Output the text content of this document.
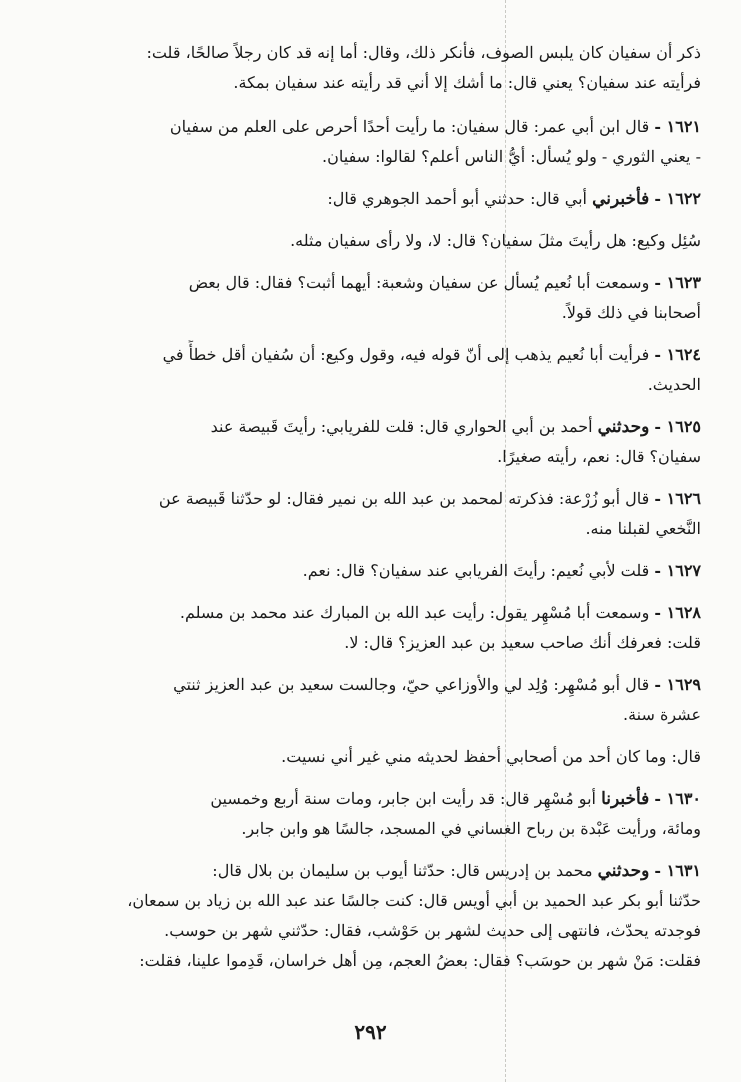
ذكر أن سفيان كان يلبس الصوف، فأنكر ذلك، وقال: أما إنه قد كان رجلاً صالحًا، قلت:
فرأيته عند سفيان؟ يعني قال: ما أشك إلا أني قد رأيته عند سفيان بمكة.
١٦٢١ - قال ابن أبي عمر: قال سفيان: ما رأيت أحدًا أحرص على العلم من سفيان
- يعني الثوري - ولو يُسأل: أيُّ الناس أعلم؟ لقالوا: سفيان.
١٦٢٢ - فأخبرني أبي قال: حدثني أبو أحمد الجوهري قال:
سُئِل وكيع: هل رأيتَ مثلَ سفيان؟ قال: لا، ولا رأى سفيان مثله.
١٦٢٣ - وسمعت أبا نُعيم يُسأل عن سفيان وشعبة: أيهما أثبت؟ فقال: قال بعض
أصحابنا في ذلك قولاً.
١٦٢٤ - فرأيت أبا نُعيم يذهب إلى أنّ قوله فيه، وقول وكيع: أن سُفيان أقل خطأً في
الحديث.
١٦٢٥ - وحدثني أحمد بن أبي الحواري قال: قلت للفريابي: رأيتَ قَبيصة عند
سفيان؟ قال: نعم، رأيته صغيرًا.
١٦٢٦ - قال أبو زُرْعة: فذكرته لمحمد بن عبد الله بن نمير فقال: لو حدّثنا قَبيصة عن
النَّخعي لقبلنا منه.
١٦٢٧ - قلت لأبي نُعيم: رأيتَ الفريابي عند سفيان؟ قال: نعم.
١٦٢٨ - وسمعت أبا مُسْهِر يقول: رأيت عبد الله بن المبارك عند محمد بن مسلم.
قلت: فعرفك أنك صاحب سعيد بن عبد العزيز؟ قال: لا.
١٦٢٩ - قال أبو مُسْهِر: وُلِد لي والأوزاعي حيّ، وجالست سعيد بن عبد العزيز ثنتي
عشرة سنة.
قال: وما كان أحد من أصحابي أحفظ لحديثه مني غير أني نسيت.
١٦٣٠ - فأخبرنا أبو مُسْهِر قال: قد رأيت ابن جابر، ومات سنة أربع وخمسين
ومائة، ورأيت عَبْدة بن رباح الغساني في المسجد، جالسًا هو وابن جابر.
١٦٣١ - وحدثني محمد بن إدريس قال: حدّثنا أيوب بن سليمان بن بلال قال:
حدّثنا أبو بكر عبد الحميد بن أبي أويس قال: كنت جالسًا عند عبد الله بن زياد بن سمعان،
فوجدته يحدّث، فانتهى إلى حديث لشهر بن حَوْشب، فقال: حدّثني شهر بن حوسب.
فقلت: مَنْ شهر بن حوسَب؟ فقال: بعضُ العجم، مِن أهل خراسان، قَدِموا علينا، فقلت:
٢٩٢
